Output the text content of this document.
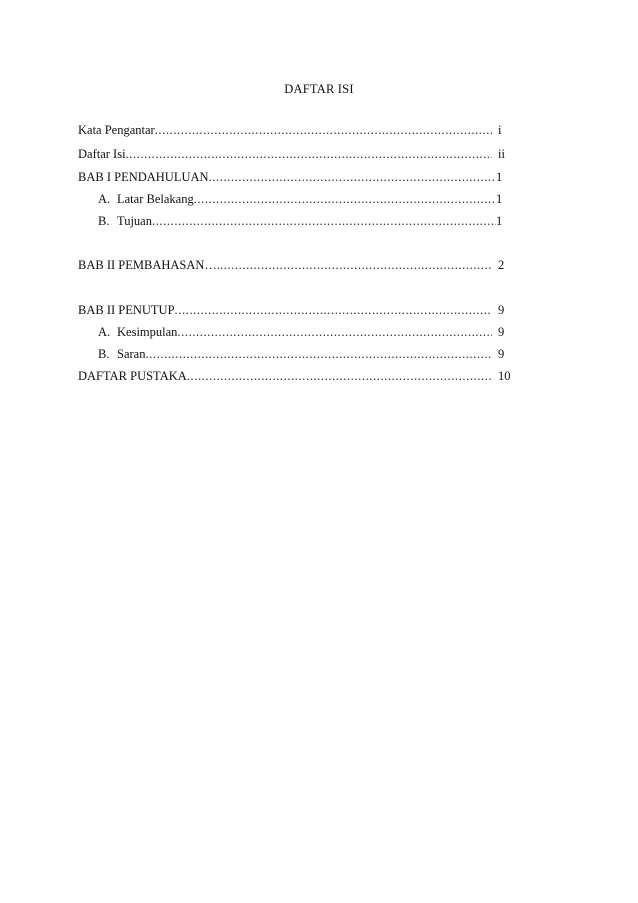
DAFTAR ISI
Kata Pengantar .....	i
Daftar Isi .....	ii
BAB I PENDAHULUAN .....	1
A. Latar Belakang .....	1
B. Tujuan .....	1
BAB II PEMBAHASAN…. .....	2
BAB II PENUTUP .....	9
A. Kesimpulan .....	9
B. Saran .....	9
DAFTAR PUSTAKA .....	10
